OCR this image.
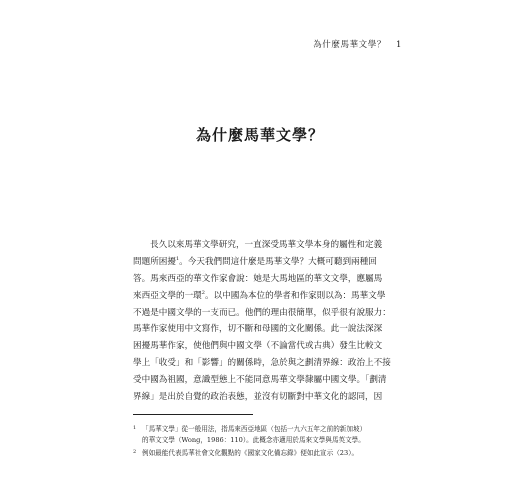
為什麼馬華文學？ 1
為什麼馬華文學？
長久以來馬華文學研究，一直深受馬華文學本身的屬性和定義
問題所困擾$^1$。今天我們問這什麼是馬華文學？大概可聽到兩種回
答。馬來西亞的華文作家會說：她是大馬地區的華文文學，應屬馬
來西亞文學的一環$^2$。以中國為本位的學者和作家則以為：馬華文學
不過是中國文學的一支而已。他們的理由很簡單，似乎很有說服力：
馬華作家使用中文寫作，切不斷和母國的文化關係。此一說法深深
困擾馬華作家，使他們與中國文學（不論當代或古典）發生比較文
學上「收受」和「影響」的關係時，急於與之劃清界線：政治上不接
受中國為祖國，意識型態上不能同意馬華文學隸屬中國文學。「劃清
界線」是出於自覺的政治表態，並沒有切斷對中華文化的認同，因
1 「馬華文學」從一般用法，指馬來西亞地區（包括一九六五年之前的新加坡）
的華文文學（Wong，1986：110）。此概念亦適用於馬來文學與馬英文學。
2 例如最能代表馬華社會文化觀點的《國家文化備忘錄》便如此宣示（23）。
